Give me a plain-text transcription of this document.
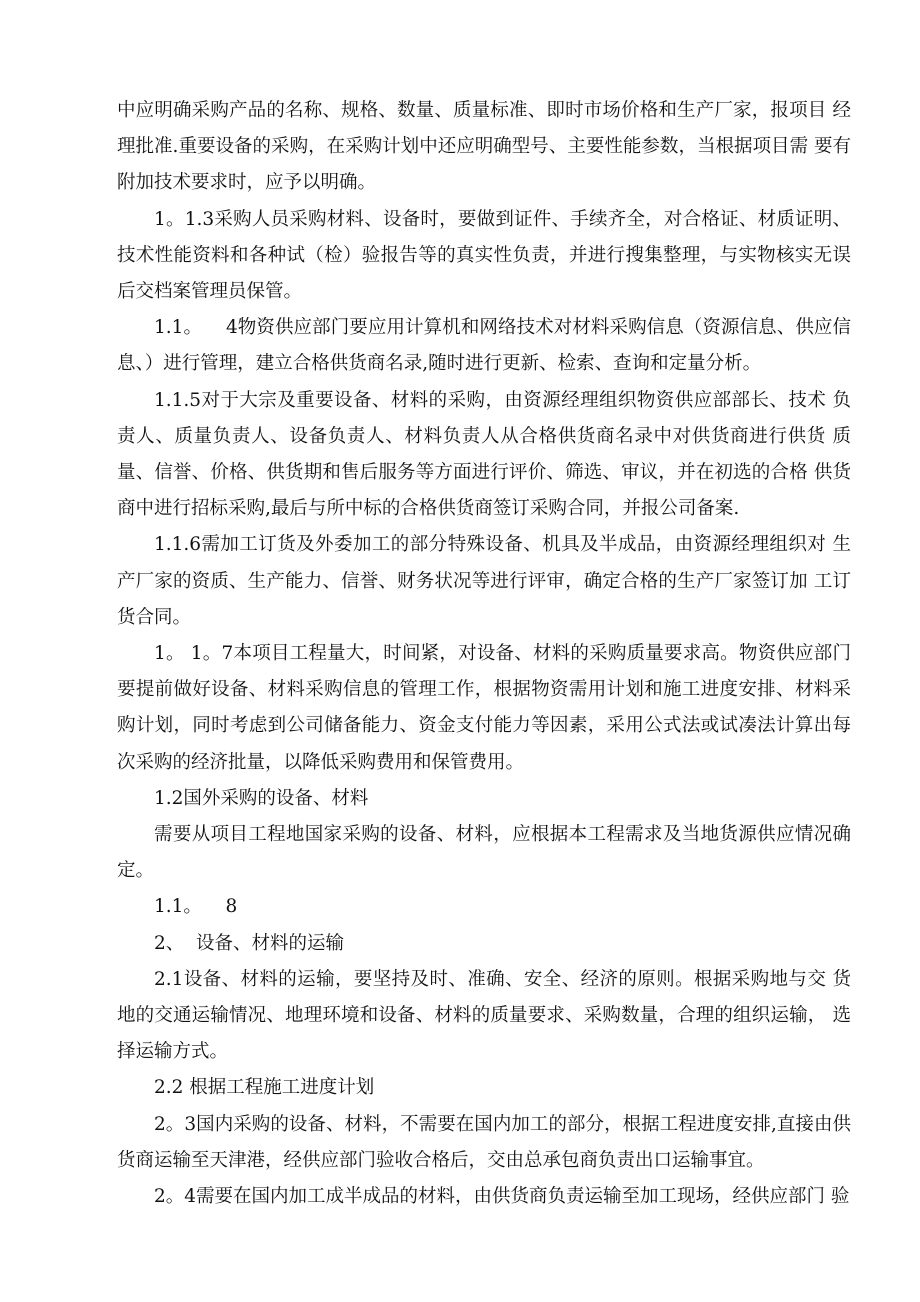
中应明确采购产品的名称、规格、数量、质量标准、即时市场价格和生产厂家，报项目 经理批准.重要设备的采购，在采购计划中还应明确型号、主要性能参数，当根据项目需 要有附加技术要求时，应予以明确。

1。1.3采购人员采购材料、设备时，要做到证件、手续齐全，对合格证、材质证明、技术性能资料和各种试（检）验报告等的真实性负责，并进行搜集整理，与实物核实无误后交档案管理员保管。

1.1。    4物资供应部门要应用计算机和网络技术对材料采购信息（资源信息、供应信息、）进行管理，建立合格供货商名录,随时进行更新、检索、查询和定量分析。

1.1.5对于大宗及重要设备、材料的采购，由资源经理组织物资供应部部长、技术 负责人、质量负责人、设备负责人、材料负责人从合格供货商名录中对供货商进行供货 质量、信誉、价格、供货期和售后服务等方面进行评价、筛选、审议，并在初选的合格 供货商中进行招标采购,最后与所中标的合格供货商签订采购合同，并报公司备案.

1.1.6需加工订货及外委加工的部分特殊设备、机具及半成品，由资源经理组织对 生产厂家的资质、生产能力、信誉、财务状况等进行评审，确定合格的生产厂家签订加 工订货合同。

1。 1。7本项目工程量大，时间紧，对设备、材料的采购质量要求高。物资供应部门要提前做好设备、材料采购信息的管理工作，根据物资需用计划和施工进度安排、材料采购计划，同时考虑到公司储备能力、资金支付能力等因素，采用公式法或试凑法计算出每次采购的经济批量，以降低采购费用和保管费用。

1.2国外采购的设备、材料

需要从项目工程地国家采购的设备、材料，应根据本工程需求及当地货源供应情况确定。

1.1。    8

2、  设备、材料的运输

2.1设备、材料的运输，要坚持及时、准确、安全、经济的原则。根据采购地与交 货地的交通运输情况、地理环境和设备、材料的质量要求、采购数量，合理的组织运输， 选择运输方式。

2.2 根据工程施工进度计划

2。3国内采购的设备、材料，不需要在国内加工的部分，根据工程进度安排,直接由供货商运输至天津港，经供应部门验收合格后，交由总承包商负责出口运输事宜。

2。4需要在国内加工成半成品的材料，由供货商负责运输至加工现场，经供应部门 验
